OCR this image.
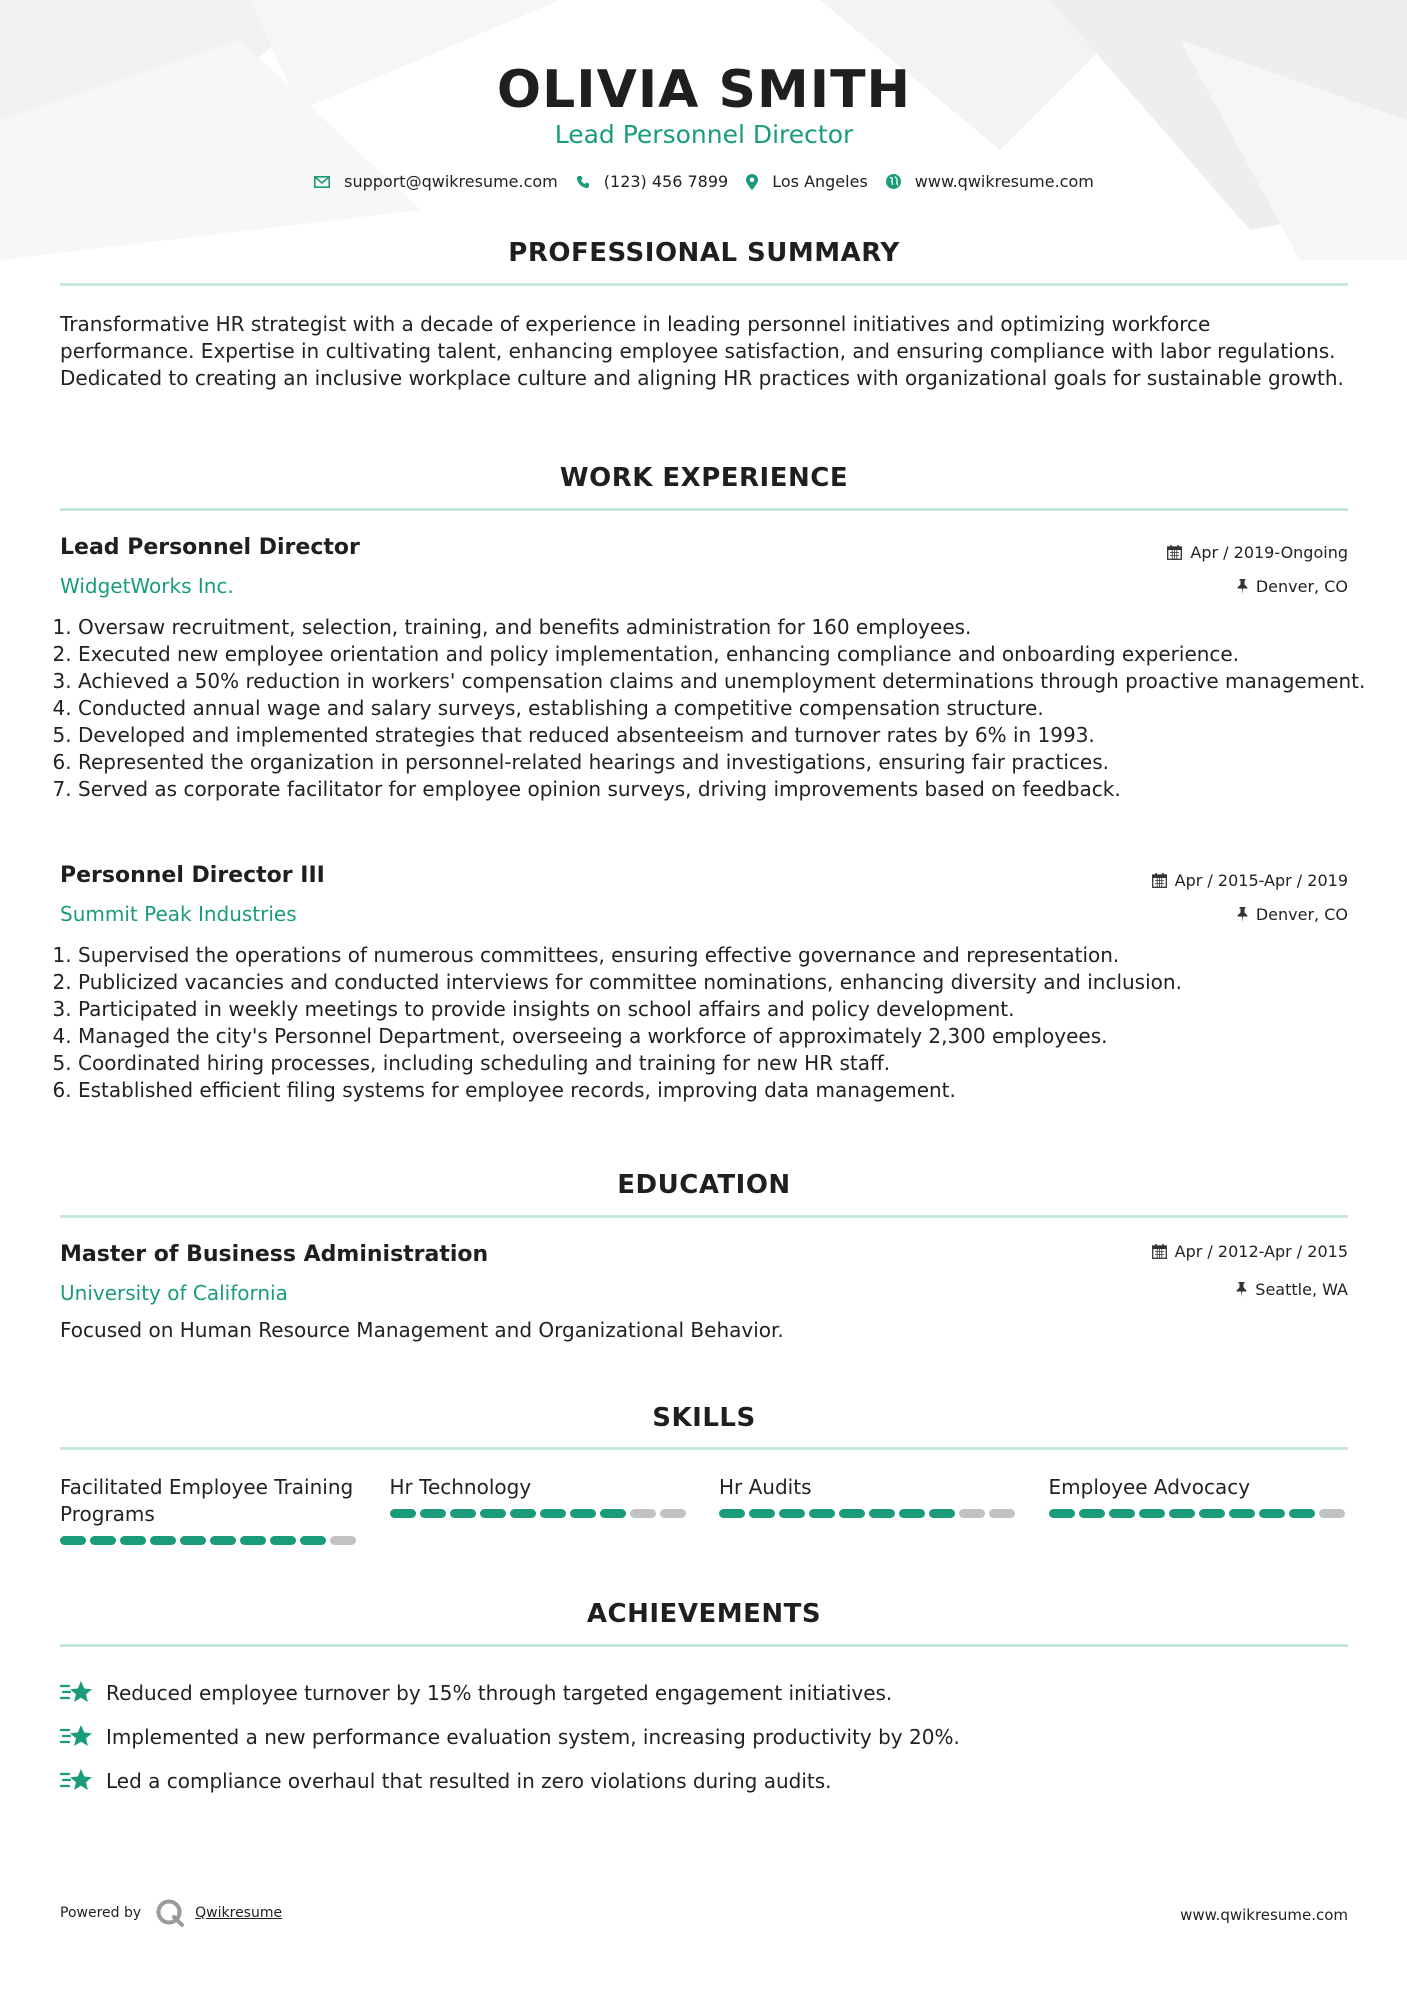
OLIVIA SMITH
Lead Personnel Director
support@qwikresume.com	(123) 456 7899	Los Angeles	www.qwikresume.com
PROFESSIONAL SUMMARY
Transformative HR strategist with a decade of experience in leading personnel initiatives and optimizing workforce performance. Expertise in cultivating talent, enhancing employee satisfaction, and ensuring compliance with labor regulations. Dedicated to creating an inclusive workplace culture and aligning HR practices with organizational goals for sustainable growth.
WORK EXPERIENCE
Lead Personnel Director	Apr / 2019-Ongoing
WidgetWorks Inc.	Denver, CO
1. Oversaw recruitment, selection, training, and benefits administration for 160 employees.
2. Executed new employee orientation and policy implementation, enhancing compliance and onboarding experience.
3. Achieved a 50% reduction in workers' compensation claims and unemployment determinations through proactive management.
4. Conducted annual wage and salary surveys, establishing a competitive compensation structure.
5. Developed and implemented strategies that reduced absenteeism and turnover rates by 6% in 1993.
6. Represented the organization in personnel-related hearings and investigations, ensuring fair practices.
7. Served as corporate facilitator for employee opinion surveys, driving improvements based on feedback.
Personnel Director III	Apr / 2015-Apr / 2019
Summit Peak Industries	Denver, CO
1. Supervised the operations of numerous committees, ensuring effective governance and representation.
2. Publicized vacancies and conducted interviews for committee nominations, enhancing diversity and inclusion.
3. Participated in weekly meetings to provide insights on school affairs and policy development.
4. Managed the city's Personnel Department, overseeing a workforce of approximately 2,300 employees.
5. Coordinated hiring processes, including scheduling and training for new HR staff.
6. Established efficient filing systems for employee records, improving data management.
EDUCATION
Master of Business Administration	Apr / 2012-Apr / 2015
University of California	Seattle, WA
Focused on Human Resource Management and Organizational Behavior.
SKILLS
Facilitated Employee Training Programs
Hr Technology	Hr Audits	Employee Advocacy
ACHIEVEMENTS
Reduced employee turnover by 15% through targeted engagement initiatives.
Implemented a new performance evaluation system, increasing productivity by 20%.
Led a compliance overhaul that resulted in zero violations during audits.
Powered by	Qwikresume	www.qwikresume.com
